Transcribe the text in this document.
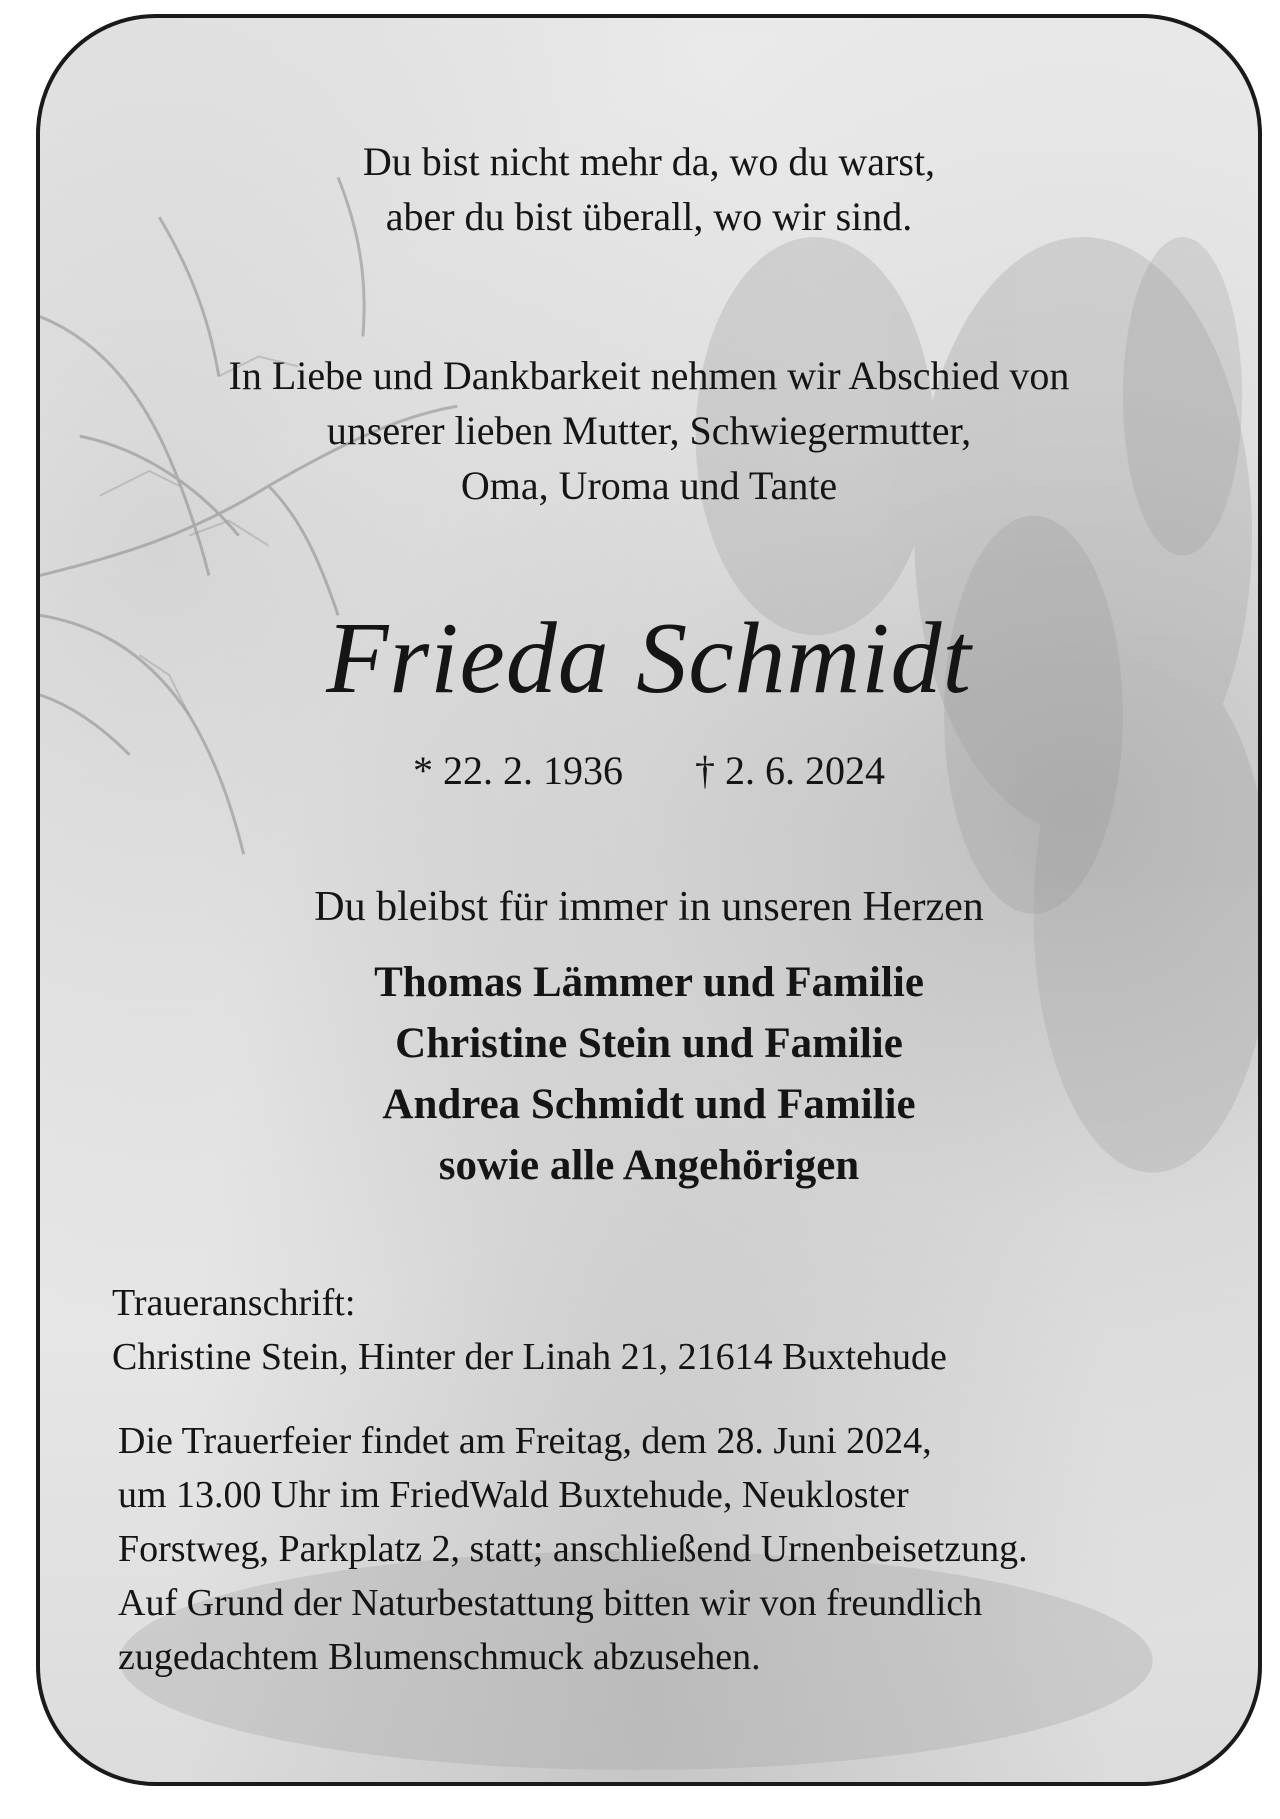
Du bist nicht mehr da, wo du warst,
aber du bist überall, wo wir sind.
In Liebe und Dankbarkeit nehmen wir Abschied von
unserer lieben Mutter, Schwiegermutter,
Oma, Uroma und Tante
Frieda Schmidt
* 22. 2. 1936 † 2. 6. 2024
Du bleibst für immer in unseren Herzen
Thomas Lämmer und Familie
Christine Stein und Familie
Andrea Schmidt und Familie
sowie alle Angehörigen
Traueranschrift:
Christine Stein, Hinter der Linah 21, 21614 Buxtehude
Die Trauerfeier findet am Freitag, dem 28. Juni 2024,
um 13.00 Uhr im FriedWald Buxtehude, Neukloster
Forstweg, Parkplatz 2, statt; anschließend Urnenbeisetzung.
Auf Grund der Naturbestattung bitten wir von freundlich
zugedachtem Blumenschmuck abzusehen.
